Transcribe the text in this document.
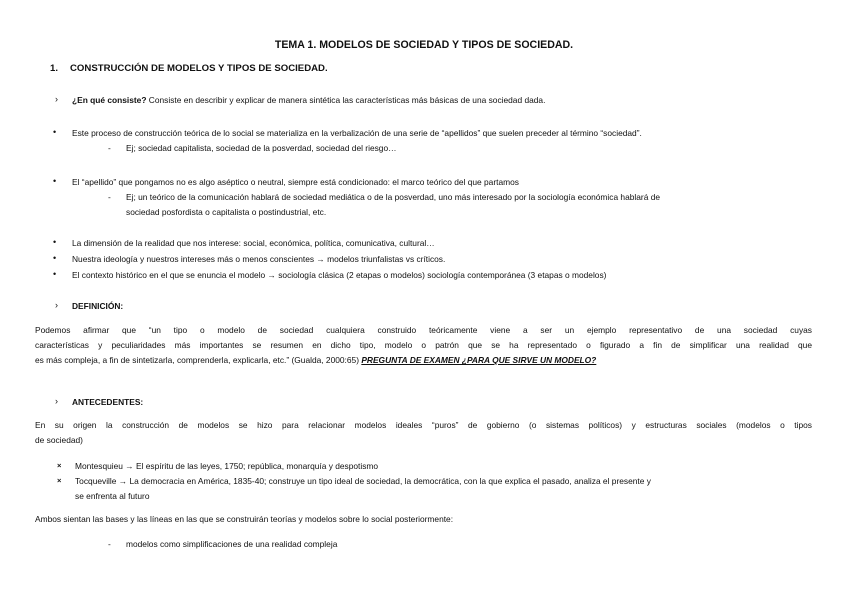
TEMA 1. MODELOS DE SOCIEDAD Y TIPOS DE SOCIEDAD.
1. CONSTRUCCIÓN DE MODELOS Y TIPOS DE SOCIEDAD.
› ¿En qué consiste? Consiste en describir y explicar de manera sintética las características más básicas de una sociedad dada.
• Este proceso de construcción teórica de lo social se materializa en la verbalización de una serie de “apellidos” que suelen preceder al término “sociedad”.
- Ej; sociedad capitalista, sociedad de la posverdad, sociedad del riesgo…
• El “apellido” que pongamos no es algo aséptico o neutral, siempre está condicionado: el marco teórico del que partamos
- Ej; un teórico de la comunicación hablará de sociedad mediática o de la posverdad, uno más interesado por la sociología económica hablará de
sociedad posfordista o capitalista o postindustrial, etc.
• La dimensión de la realidad que nos interese: social, económica, política, comunicativa, cultural…
• Nuestra ideología y nuestros intereses más o menos conscientes → modelos triunfalistas vs críticos.
• El contexto histórico en el que se enuncia el modelo → sociología clásica (2 etapas o modelos) sociología contemporánea (3 etapas o modelos)
› DEFINICIÓN:
Podemos afirmar que “un tipo o modelo de sociedad cualquiera construido teóricamente viene a ser un ejemplo representativo de una sociedad cuyas
características y peculiaridades más importantes se resumen en dicho tipo, modelo o patrón que se ha representado o figurado a fin de simplificar una realidad que
es más compleja, a fin de sintetizarla, comprenderla, explicarla, etc.” (Gualda, 2000:65) PREGUNTA DE EXAMEN ¿PARA QUE SIRVE UN MODELO?
› ANTECEDENTES:
En su origen la construcción de modelos se hizo para relacionar modelos ideales “puros” de gobierno (o sistemas políticos) y estructuras sociales (modelos o tipos
de sociedad)
× Montesquieu → El espíritu de las leyes, 1750; república, monarquía y despotismo
× Tocqueville → La democracia en América, 1835-40; construye un tipo ideal de sociedad, la democrática, con la que explica el pasado, analiza el presente y
se enfrenta al futuro
Ambos sientan las bases y las líneas en las que se construirán teorías y modelos sobre lo social posteriormente:
- modelos como simplificaciones de una realidad compleja
